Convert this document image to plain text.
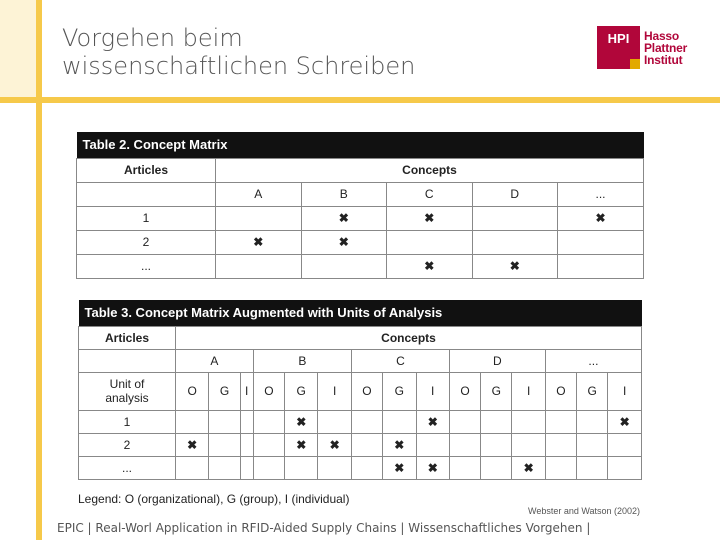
Vorgehen beim
wissenschaftlichen Schreiben
HPI	Hasso
Plattner
Institut
Table 2. Concept Matrix					
Articles	Concepts				
	A	B	C	D	...
1		✖	✖		✖
2	✖	✖			
...			✖	✖	
Table 3. Concept Matrix Augmented with Units of Analysis															
Articles	Concepts														
	A			B			C			D			...		

Unit of
analysis	O	G	I	O	G	I	O	G	I	O	G	I	O	G	I
1					✖				✖						✖
2	✖				✖	✖		✖							
...								✖	✖			✖			
Legend: O (organizational), G (group), I (individual)
Webster and Watson (2002)
EPIC | Real-Worl Application in RFID-Aided Supply Chains | Wissenschaftliches Vorgehen |
